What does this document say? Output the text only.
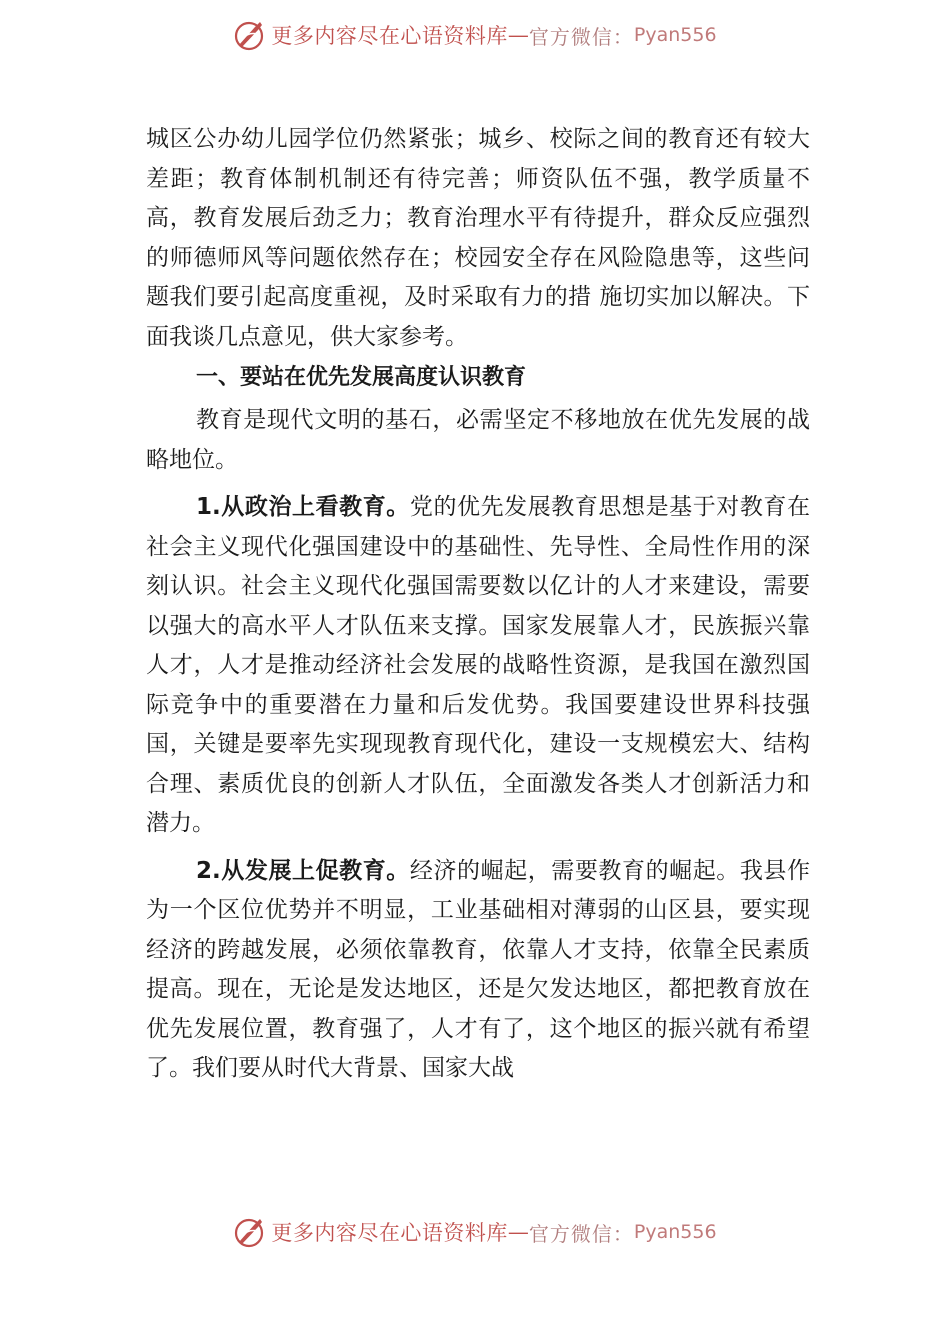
更多内容尽在心语资料库 — 官方微信： Pyan556

城区公办幼儿园学位仍然紧张；城乡、校际之间的教育还有较大差距；教育体制机制还有待完善；师资队伍不强，教学质量不高，教育发展后劲乏力；教育治理水平有待提升，群众反应强烈的师德师风等问题依然存在；校园安全存在风险隐患等，这些问题我们要引起高度重视，及时采取有力的措 施切实加以解决。下面我谈几点意见，供大家参考。

一、要站在优先发展高度认识教育

教育是现代文明的基石，必需坚定不移地放在优先发展的战略地位。

1.从政治上看教育。党的优先发展教育思想是基于对教育在社会主义现代化强国建设中的基础性、先导性、全局性作用的深刻认识。社会主义现代化强国需要数以亿计的人才来建设，需要以强大的高水平人才队伍来支撑。国家发展靠人才，民族振兴靠人才，人才是推动经济社会发展的战略性资源，是我国在激烈国际竞争中的重要潜在力量和后发优势。我国要建设世界科技强国，关键是要率先实现现教育现代化，建设一支规模宏大、结构合理、素质优良的创新人才队伍，全面激发各类人才创新活力和潜力。

2.从发展上促教育。经济的崛起，需要教育的崛起。我县作为一个区位优势并不明显，工业基础相对薄弱的山区县，要实现经济的跨越发展，必须依靠教育，依靠人才支持，依靠全民素质提高。现在，无论是发达地区，还是欠发达地区，都把教育放在优先发展位置，教育强了，人才有了，这个地区的振兴就有希望了。我们要从时代大背景、国家大战

更多内容尽在心语资料库 — 官方微信： Pyan556
